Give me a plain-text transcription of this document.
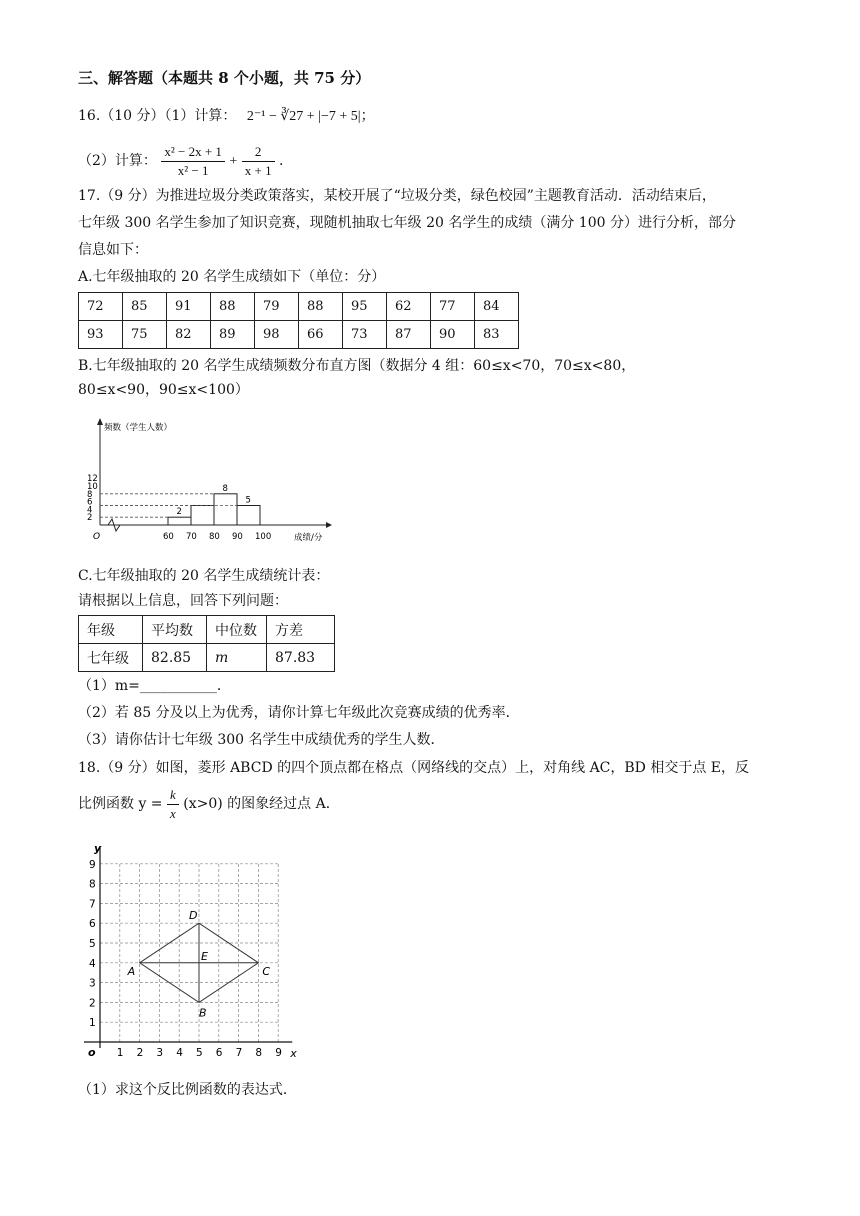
三、解答题（本题共 8 个小题，共 75 分）
16.（10 分）（1）计算： 2⁻¹ − ∛27 + |−7 + 5|；
（2）计算： $\frac{\text{x² − 2x + 1}}{\text{x² − 1}} + \frac{2}{x + 1}$ .
17.（9 分）为推进垃圾分类政策落实，某校开展了“垃圾分类，绿色校园”主题教育活动．活动结束后，
七年级 300 名学生参加了知识竞赛，现随机抽取七年级 20 名学生的成绩（满分 100 分）进行分析，部分
信息如下：
A.七年级抽取的 20 名学生成绩如下（单位：分）
72	85	91	88	79	88	95	62	77	84
93	75	82	89	98	66	73	87	90	83
B.七年级抽取的 20 名学生成绩频数分布直方图（数据分 4 组：60≤x<70，70≤x<80，
80≤x<90，90≤x<100）
频数（学生人数）
成绩/分
O
2
4
6
8
10
12
60 70 80 90 100
2
8
5
C.七年级抽取的 20 名学生成绩统计表：
请根据以上信息，回答下列问题：
年级	平均数	中位数	方差
七年级	82.85	m	87.83
（1）m=___________．
（2）若 85 分及以上为优秀，请你计算七年级此次竞赛成绩的优秀率．
（3）请你估计七年级 300 名学生中成绩优秀的学生人数．
18.（9 分）如图，菱形 ABCD 的四个顶点都在格点（网络线的交点）上，对角线 AC，BD 相交于点 E，反
比例函数 $y = \frac{k}{x} (x>0)$ 的图象经过点 A．
y
x
o 1 2 3 4 5 6 7 8 9
1
2
3
4
5
6
7
8
9
A
B
C
D
E
（1）求这个反比例函数的表达式．
